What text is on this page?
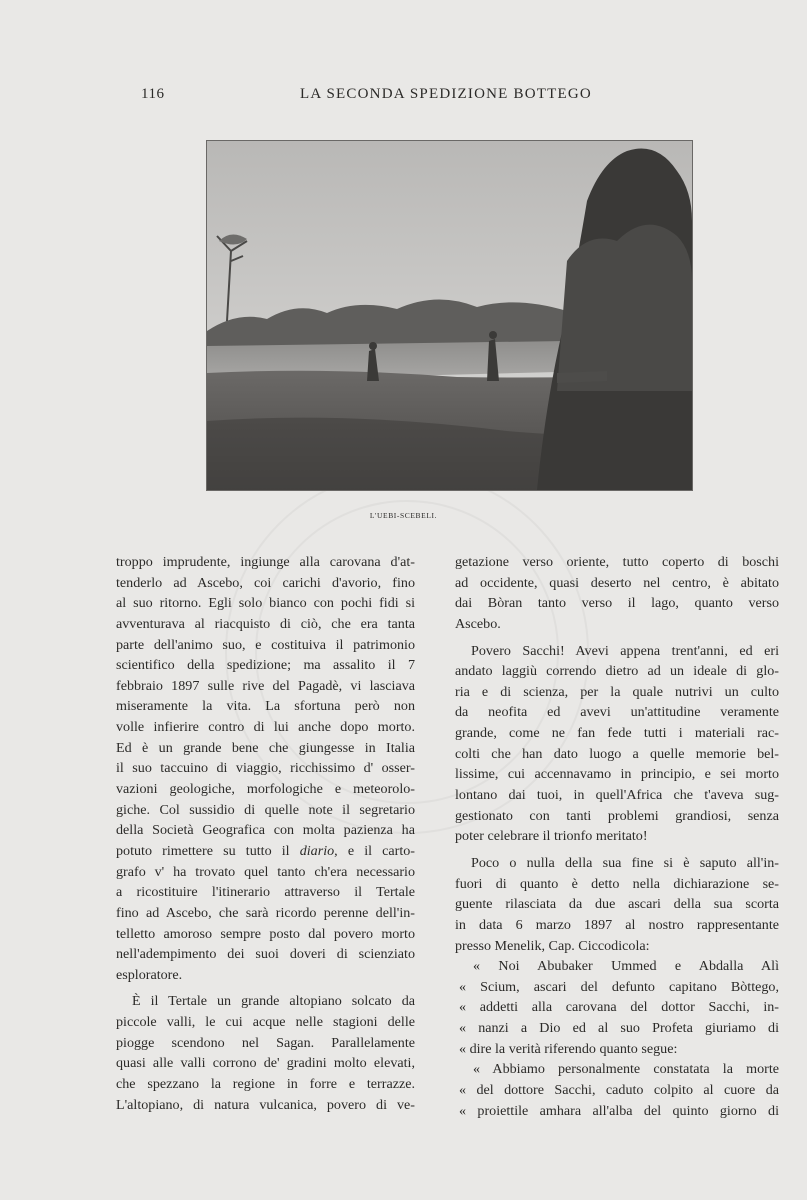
116	LA SECONDA SPEDIZIONE BOTTEGO
L'UEBI-SCEBELI.
troppo imprudente, ingiunge alla carovana d'at-
tenderlo ad Ascebo, coi carichi d'avorio, fino
al suo ritorno. Egli solo bianco con pochi fidi si
avventurava al riacquisto di ciò, che era tanta
parte dell'animo suo, e costituiva il patrimonio
scientifico della spedizione; ma assalito il 7
febbraio 1897 sulle rive del Pagadè, vi lasciava
miseramente la vita. La sfortuna però non
volle infierire contro di lui anche dopo morto.
Ed è un grande bene che giungesse in Italia
il suo taccuino di viaggio, ricchissimo d' osser-
vazioni geologiche, morfologiche e meteorolo-
giche. Col sussidio di quelle note il segretario
della Società Geografica con molta pazienza ha
potuto rimettere su tutto il diario, e il carto-
grafo v' ha trovato quel tanto ch'era necessario
a ricostituire l'itinerario attraverso il Tertale
fino ad Ascebo, che sarà ricordo perenne dell'in-
telletto amoroso sempre posto dal povero morto
nell'adempimento dei suoi doveri di scienziato
esploratore.
È il Tertale un grande altopiano solcato da
piccole valli, le cui acque nelle stagioni delle
piogge scendono nel Sagan. Parallelamente
quasi alle valli corrono de' gradini molto elevati,
che spezzano la regione in forre e terrazze.
L'altopiano, di natura vulcanica, povero di ve-
getazione verso oriente, tutto coperto di boschi
ad occidente, quasi deserto nel centro, è abitato
dai Bòran tanto verso il lago, quanto verso
Ascebo.
Povero Sacchi! Avevi appena trent'anni, ed eri
andato laggiù correndo dietro ad un ideale di glo-
ria e di scienza, per la quale nutrivi un culto
da neofita ed avevi un'attitudine veramente
grande, come ne fan fede tutti i materiali rac-
colti che han dato luogo a quelle memorie bel-
lissime, cui accennavamo in principio, e sei morto
lontano dai tuoi, in quell'Africa che t'aveva sug-
gestionato con tanti problemi grandiosi, senza
poter celebrare il trionfo meritato!
Poco o nulla della sua fine si è saputo all'in-
fuori di quanto è detto nella dichiarazione se-
guente rilasciata da due ascari della sua scorta
in data 6 marzo 1897 al nostro rappresentante
presso Menelik, Cap. Ciccodicola:
« Noi Abubaker Ummed e Abdalla Alì
« Scium, ascari del defunto capitano Bòttego,
« addetti alla carovana del dottor Sacchi, in-
« nanzi a Dio ed al suo Profeta giuriamo di
« dire la verità riferendo quanto segue:
« Abbiamo personalmente constatata la morte
« del dottore Sacchi, caduto colpito al cuore da
« proiettile amhara all'alba del quinto giorno di
